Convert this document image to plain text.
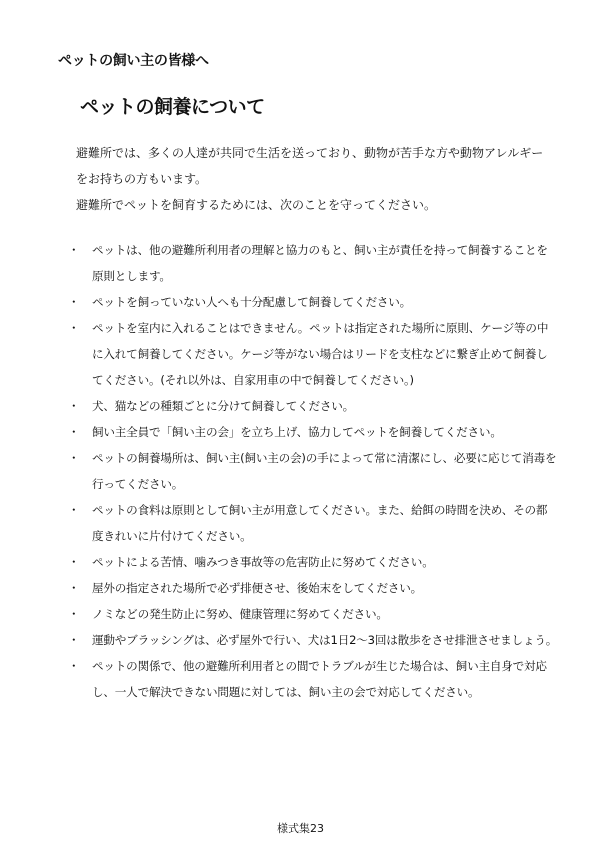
ペットの飼い主の皆様へ
ペットの飼養について

避難所では、多くの人達が共同で生活を送っており、動物が苦手な方や動物アレルギーをお持ちの方もいます。

避難所でペットを飼育するためには、次のことを守ってください。

・ ペットは、他の避難所利用者の理解と協力のもと、飼い主が責任を持って飼養することを原則とします。
・ ペットを飼っていない人へも十分配慮して飼養してください。
・ ペットを室内に入れることはできません。ペットは指定された場所に原則、ケージ等の中に入れて飼養してください。ケージ等がない場合はリードを支柱などに繋ぎ止めて飼養してください。(それ以外は、自家用車の中で飼養してください。)
・ 犬、猫などの種類ごとに分けて飼養してください。
・ 飼い主全員で「飼い主の会」を立ち上げ、協力してペットを飼養してください。
・ ペットの飼養場所は、飼い主(飼い主の会)の手によって常に清潔にし、必要に応じて消毒を行ってください。
・ ペットの食料は原則として飼い主が用意してください。また、給餌の時間を決め、その都度きれいに片付けてください。
・ ペットによる苦情、噛みつき事故等の危害防止に努めてください。
・ 屋外の指定された場所で必ず排便させ、後始末をしてください。
・ ノミなどの発生防止に努め、健康管理に努めてください。
・ 運動やブラッシングは、必ず屋外で行い、犬は1日2～3回は散歩をさせ排泄させましょう。
・ ペットの関係で、他の避難所利用者との間でトラブルが生じた場合は、飼い主自身で対応し、一人で解決できない問題に対しては、飼い主の会で対応してください。
様式集23
